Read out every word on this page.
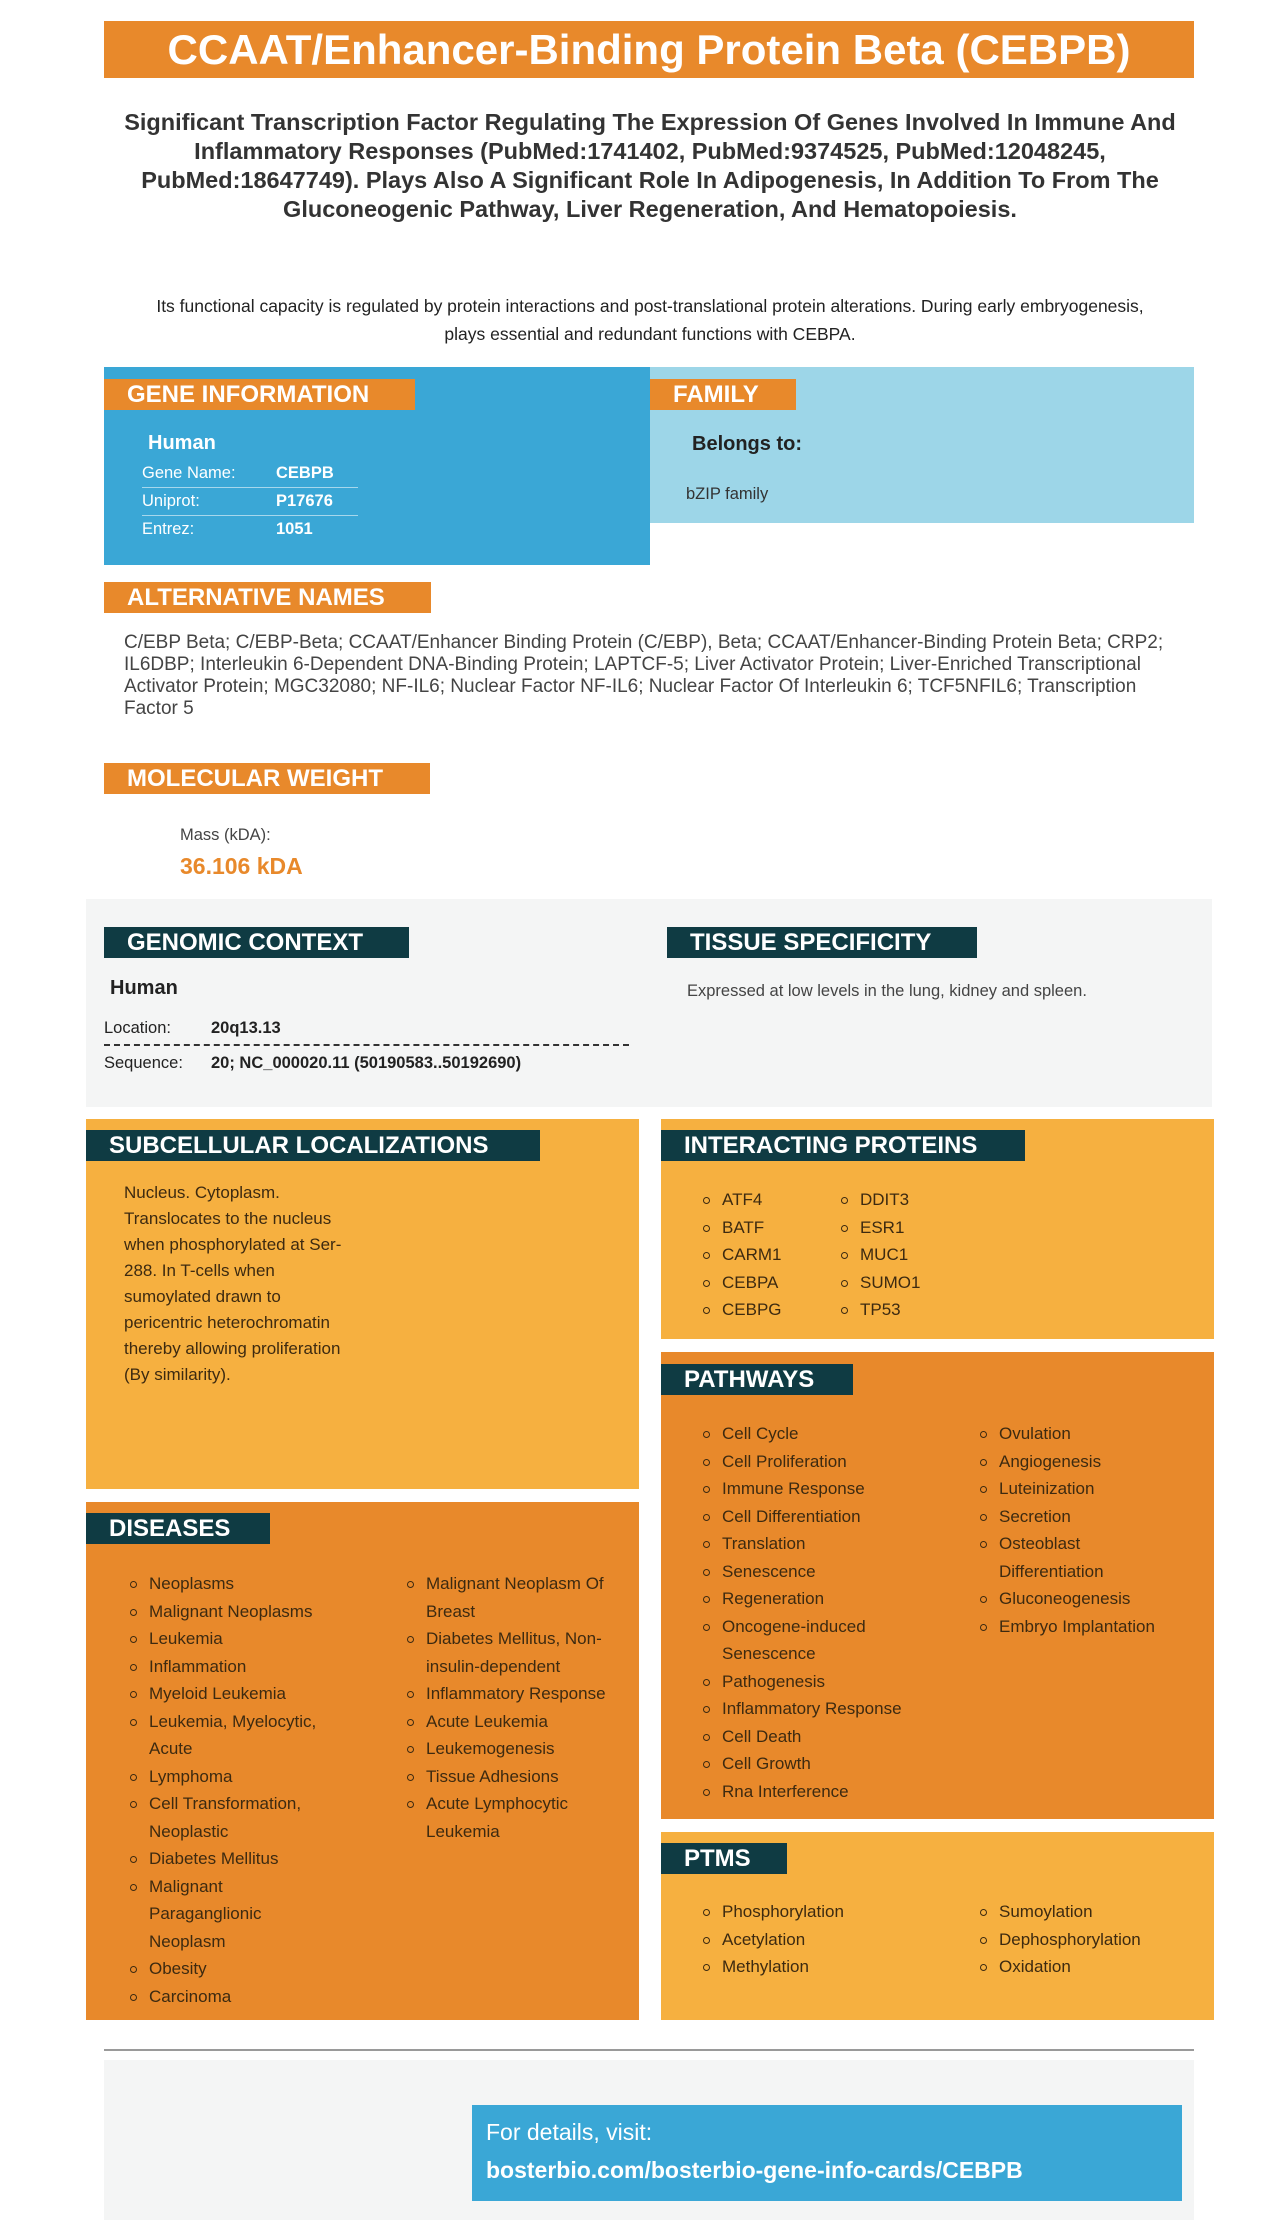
CCAAT/Enhancer-Binding Protein Beta (CEBPB)
Significant Transcription Factor Regulating The Expression Of Genes Involved In Immune And Inflammatory Responses (PubMed:1741402, PubMed:9374525, PubMed:12048245, PubMed:18647749). Plays Also A Significant Role In Adipogenesis, In Addition To From The Gluconeogenic Pathway, Liver Regeneration, And Hematopoiesis.
Its functional capacity is regulated by protein interactions and post-translational protein alterations. During early embryogenesis, plays essential and redundant functions with CEBPA.
GENE INFORMATION
Human
Gene Name: CEBPB
Uniprot:	P17676
Entrez:	1051
FAMILY
Belongs to:
bZIP family
ALTERNATIVE NAMES
C/EBP Beta; C/EBP-Beta; CCAAT/Enhancer Binding Protein (C/EBP), Beta; CCAAT/Enhancer-Binding Protein Beta; CRP2; IL6DBP; Interleukin 6-Dependent DNA-Binding Protein; LAPTCF-5; Liver Activator Protein; Liver-Enriched Transcriptional Activator Protein; MGC32080; NF-IL6; Nuclear Factor NF-IL6; Nuclear Factor Of Interleukin 6; TCF5NFIL6; Transcription Factor 5
MOLECULAR WEIGHT
Mass (kDA):
36.106 kDA
GENOMIC CONTEXT
Human
Location: 20q13.13
Sequence: 20; NC_000020.11 (50190583..50192690)
TISSUE SPECIFICITY
Expressed at low levels in the lung, kidney and spleen.
SUBCELLULAR LOCALIZATIONS
Nucleus. Cytoplasm. Translocates to the nucleus when phosphorylated at Ser-288. In T-cells when sumoylated drawn to pericentric heterochromatin thereby allowing proliferation (By similarity).
INTERACTING PROTEINS
ATF4
BATF
CARM1
CEBPA
CEBPG
DDIT3
ESR1
MUC1
SUMO1
TP53
PATHWAYS
Cell Cycle
Cell Proliferation
Immune Response
Cell Differentiation
Translation
Senescence
Regeneration
Oncogene-induced Senescence
Pathogenesis
Inflammatory Response
Cell Death
Cell Growth
Rna Interference
Ovulation
Angiogenesis
Luteinization
Secretion
Osteoblast Differentiation
Gluconeogenesis
Embryo Implantation
DISEASES
Neoplasms
Malignant Neoplasms
Leukemia
Inflammation
Myeloid Leukemia
Leukemia, Myelocytic, Acute
Lymphoma
Cell Transformation, Neoplastic
Diabetes Mellitus
Malignant Paraganglionic Neoplasm
Obesity
Carcinoma
Malignant Neoplasm Of Breast
Diabetes Mellitus, Non-insulin-dependent
Inflammatory Response
Acute Leukemia
Leukemogenesis
Tissue Adhesions
Acute Lymphocytic Leukemia
PTMS
Phosphorylation
Acetylation
Methylation
Sumoylation
Dephosphorylation
Oxidation
For details, visit:
bosterbio.com/bosterbio-gene-info-cards/CEBPB
